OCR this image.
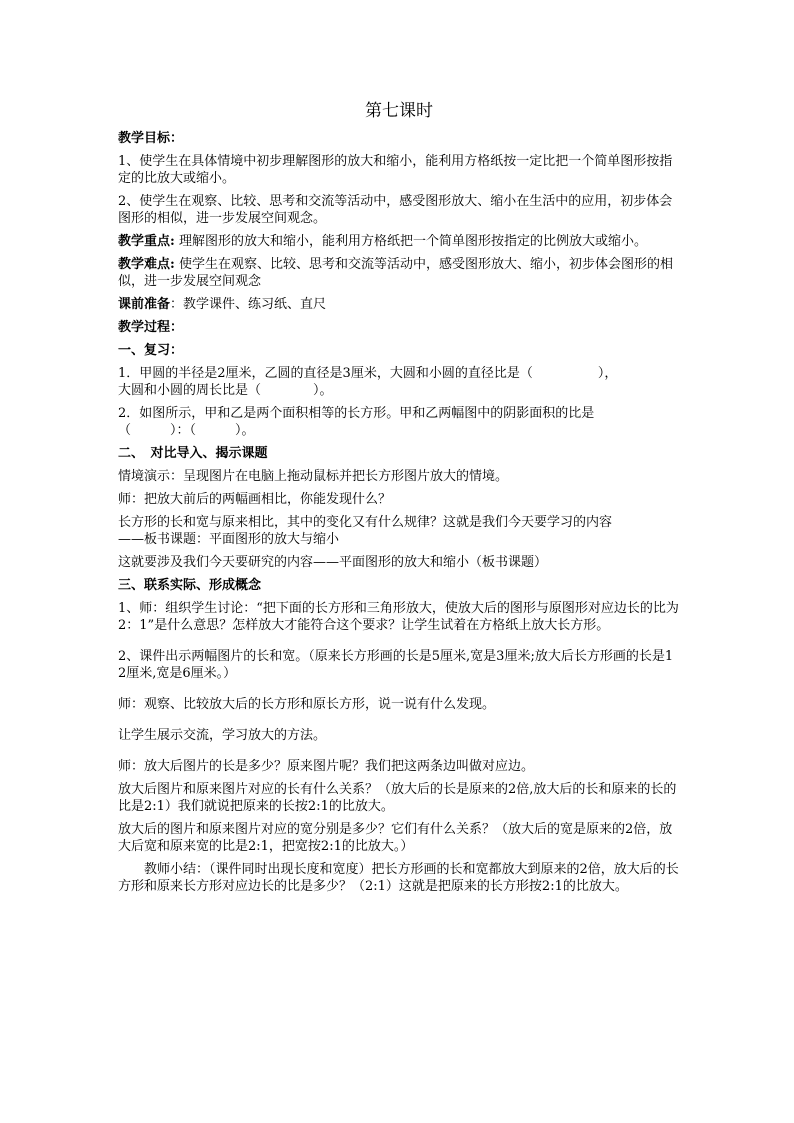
第七课时
教学目标：
1、使学生在具体情境中初步理解图形的放大和缩小，能利用方格纸按一定比把一个简单图形按指定的比放大或缩小。
2、使学生在观察、比较、思考和交流等活动中，感受图形放大、缩小在生活中的应用，初步体会图形的相似，进一步发展空间观念。
教学重点: 理解图形的放大和缩小，能利用方格纸把一个简单图形按指定的比例放大或缩小。
教学难点: 使学生在观察、比较、思考和交流等活动中，感受图形放大、缩小，初步体会图形的相似，进一步发展空间观念
课前准备：教学课件、练习纸、直尺
教学过程：
一、复习：
1．甲圆的半径是2厘米，乙圆的直径是3厘米，大圆和小圆的直径比是（　　　　　），
大圆和小圆的周长比是（　　　　）。
2．如图所示，甲和乙是两个面积相等的长方形。甲和乙两幅图中的阴影面积的比是
（　　　）：（　　　）。
二、　对比导入、揭示课题
情境演示：呈现图片在电脑上拖动鼠标并把长方形图片放大的情境。
师：把放大前后的两幅画相比，你能发现什么？
长方形的长和宽与原来相比，其中的变化又有什么规律？这就是我们今天要学习的内容
——板书课题：平面图形的放大与缩小
这就要涉及我们今天要研究的内容——平面图形的放大和缩小（板书课题）
三、联系实际、形成概念
1、师：组织学生讨论：“把下面的长方形和三角形放大，使放大后的图形与原图形对应边长的比为2：1”是什么意思？怎样放大才能符合这个要求？让学生试着在方格纸上放大长方形。
2、课件出示两幅图片的长和宽。（原来长方形画的长是5厘米,宽是3厘米;放大后长方形画的长是12厘米,宽是6厘米。）
师：观察、比较放大后的长方形和原长方形，说一说有什么发现。
让学生展示交流，学习放大的方法。
师：放大后图片的长是多少？原来图片呢？我们把这两条边叫做对应边。
放大后图片和原来图片对应的长有什么关系？（放大后的长是原来的2倍,放大后的长和原来的长的比是2:1）我们就说把原来的长按2:1的比放大。
放大后的图片和原来图片对应的宽分别是多少？它们有什么关系？（放大后的宽是原来的2倍，放大后宽和原来宽的比是2:1，把宽按2:1的比放大。）
教师小结：（课件同时出现长度和宽度）把长方形画的长和宽都放大到原来的2倍，放大后的长方形和原来长方形对应边长的比是多少？（2:1）这就是把原来的长方形按2:1的比放大。
